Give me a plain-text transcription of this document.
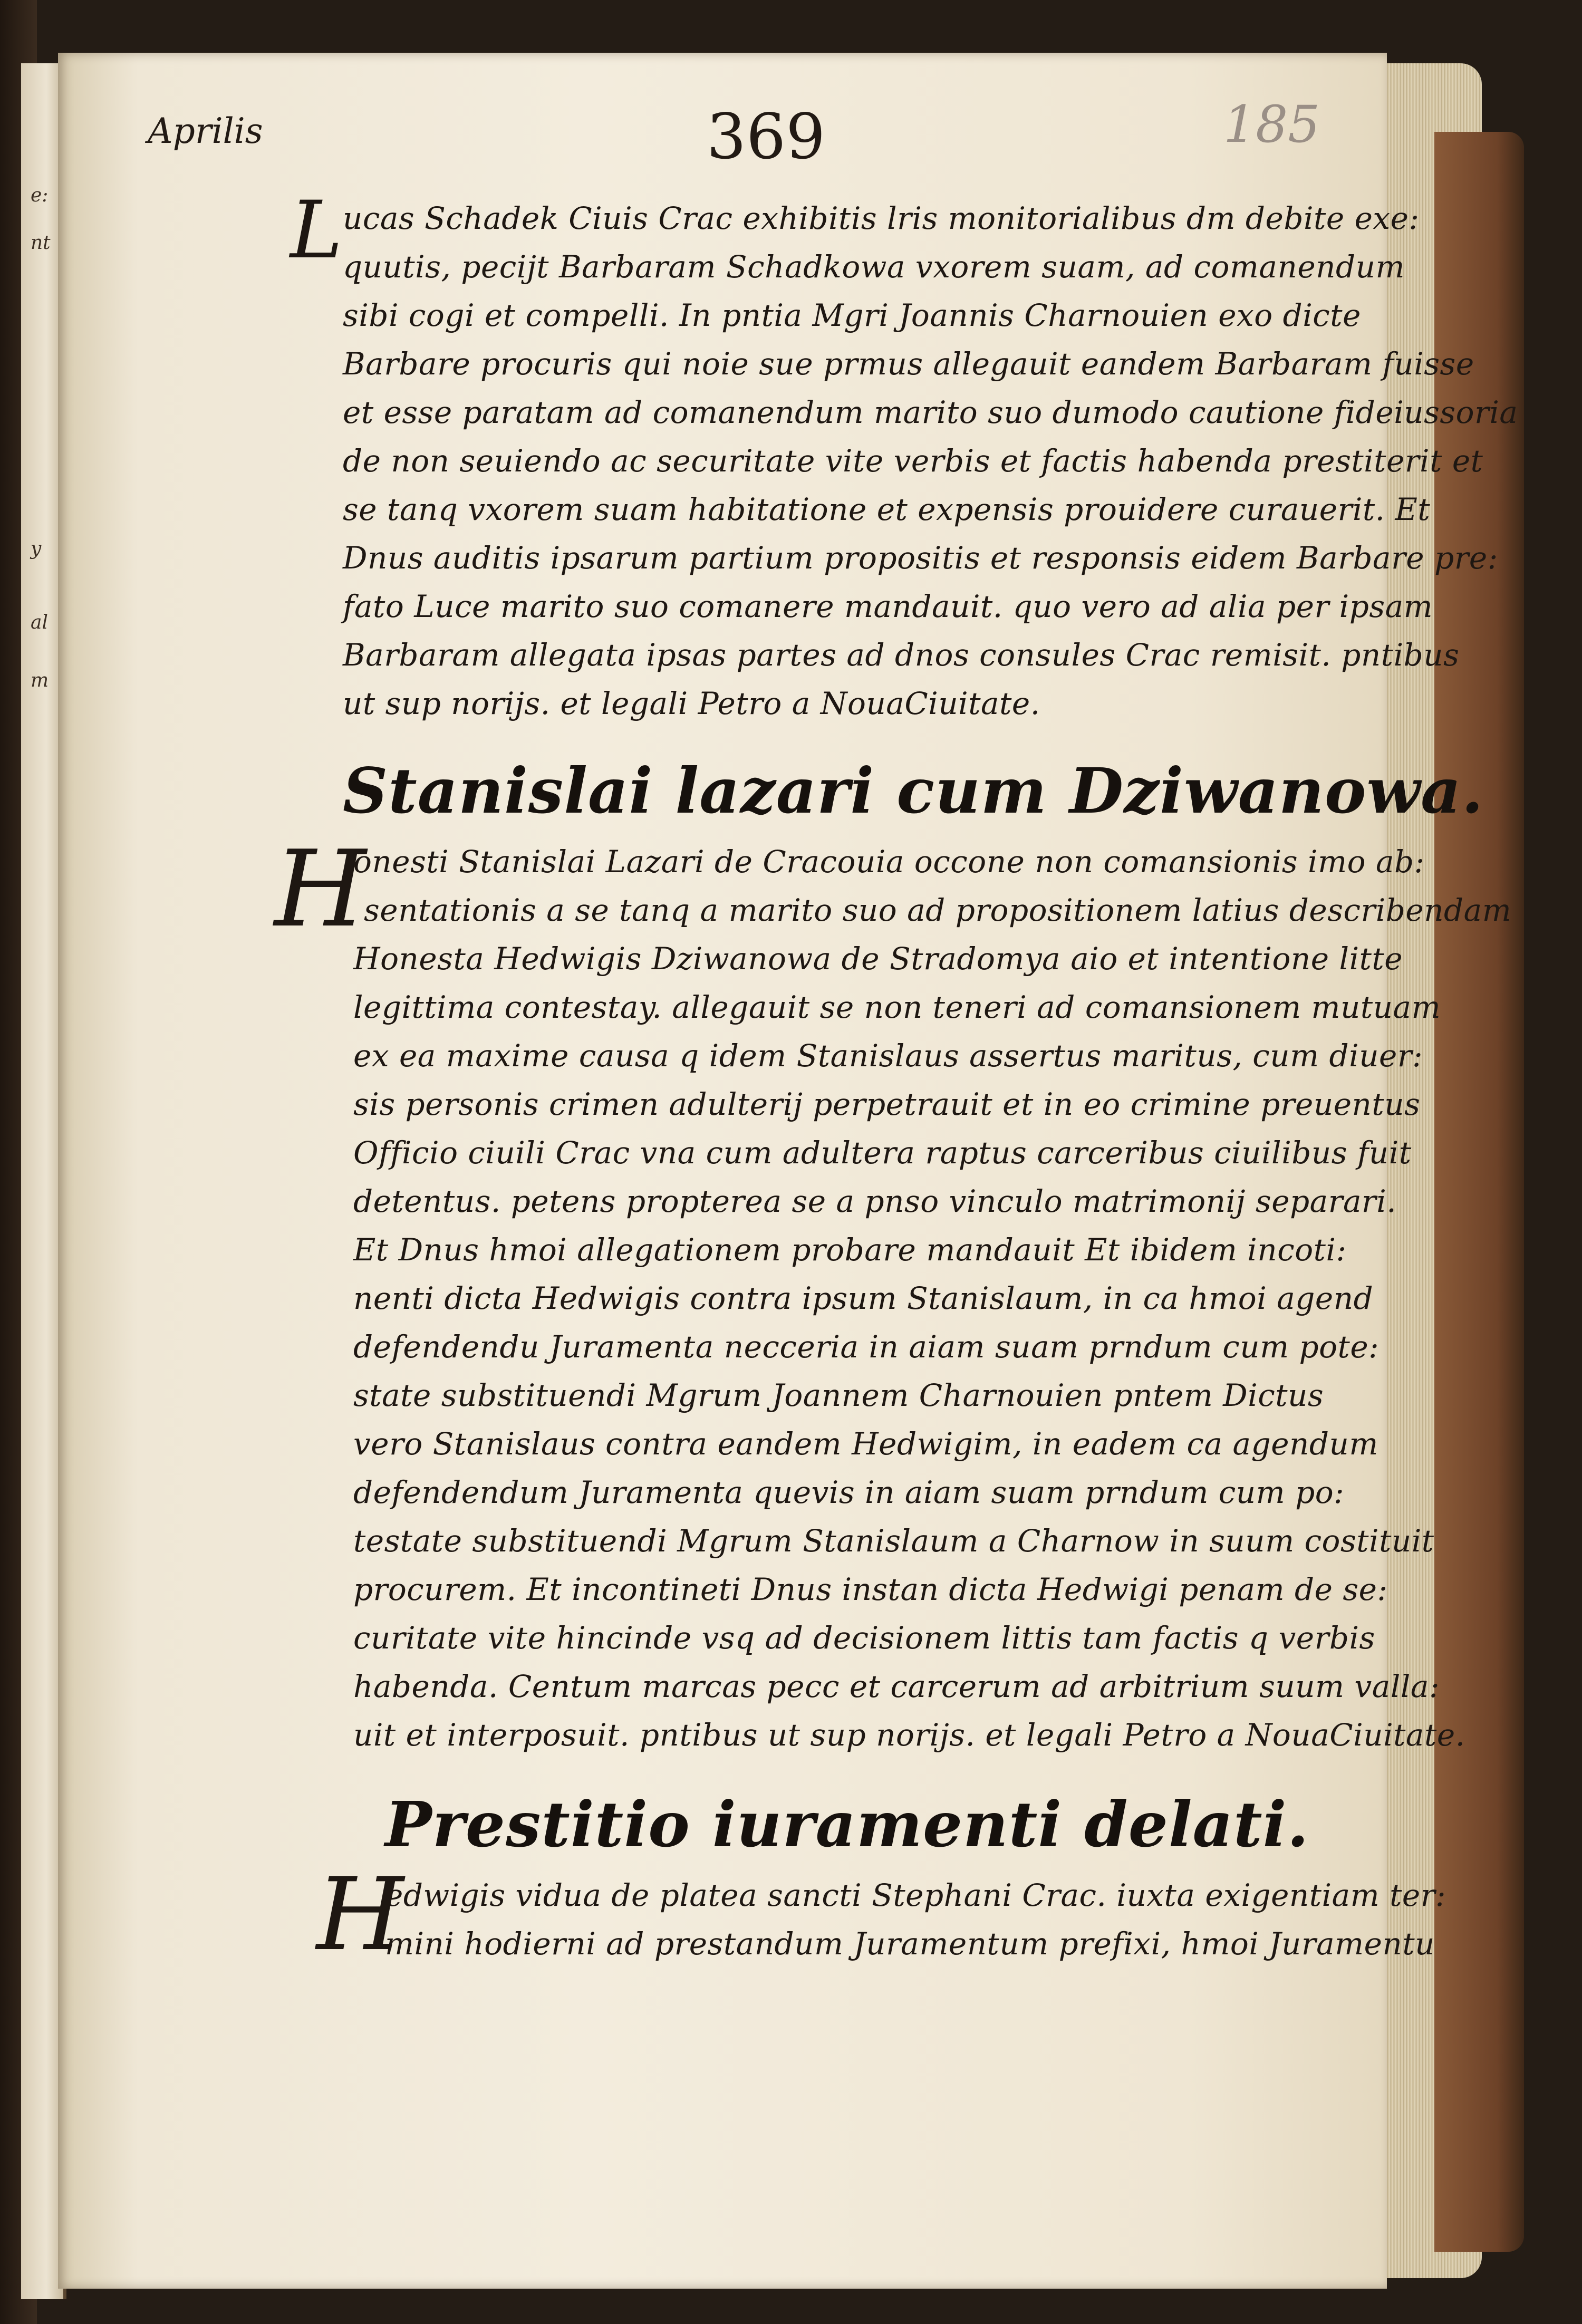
e:
nt
y
al
m
Aprilis	369	185
L ucas Schadek Ciuis Crac exhibitis lris monitorialibus dm debite exe:
quutis, pecijt Barbaram Schadkowa vxorem suam, ad comanendum
sibi cogi et compelli. In pntia Mgri Joannis Charnouien exo dicte
Barbare procuris qui noie sue prmus allegauit eandem Barbaram fuisse
et esse paratam ad comanendum marito suo dumodo cautione fideiussoria
de non seuiendo ac securitate vite verbis et factis habenda prestiterit et
se tanq vxorem suam habitatione et expensis prouidere curauerit. Et
Dnus auditis ipsarum partium propositis et responsis eidem Barbare pre:
fato Luce marito suo comanere mandauit. quo vero ad alia per ipsam
Barbaram allegata ipsas partes ad dnos consules Crac remisit. pntibus
ut sup norijs. et legali Petro a NouaCiuitate.
Stanislai lazari cum Dziwanowa.
H
onesti Stanislai Lazari de Cracouia occone non comansionis imo ab:
sentationis a se tanq a marito suo ad propositionem latius describendam
Honesta Hedwigis Dziwanowa de Stradomya aio et intentione litte
legittima contestay. allegauit se non teneri ad comansionem mutuam
ex ea maxime causa q idem Stanislaus assertus maritus, cum diuer:
sis personis crimen adulterij perpetrauit et in eo crimine preuentus
Officio ciuili Crac vna cum adultera raptus carceribus ciuilibus fuit
detentus. petens propterea se a pnso vinculo matrimonij separari.
Et Dnus hmoi allegationem probare mandauit Et ibidem incoti:
nenti dicta Hedwigis contra ipsum Stanislaum, in ca hmoi agend
defendendu Juramenta necceria in aiam suam prndum cum pote:
state substituendi Mgrum Joannem Charnouien pntem Dictus
vero Stanislaus contra eandem Hedwigim, in eadem ca agendum
defendendum Juramenta quevis in aiam suam prndum cum po:
testate substituendi Mgrum Stanislaum a Charnow in suum costituit
procurem. Et incontineti Dnus instan dicta Hedwigi penam de se:
curitate vite hincinde vsq ad decisionem littis tam factis q verbis
habenda. Centum marcas pecc et carcerum ad arbitrium suum valla:
uit et interposuit. pntibus ut sup norijs. et legali Petro a NouaCiuitate.
Prestitio iuramenti delati.
H
edwigis vidua de platea sancti Stephani Crac. iuxta exigentiam ter:
mini hodierni ad prestandum Juramentum prefixi, hmoi Juramentu
